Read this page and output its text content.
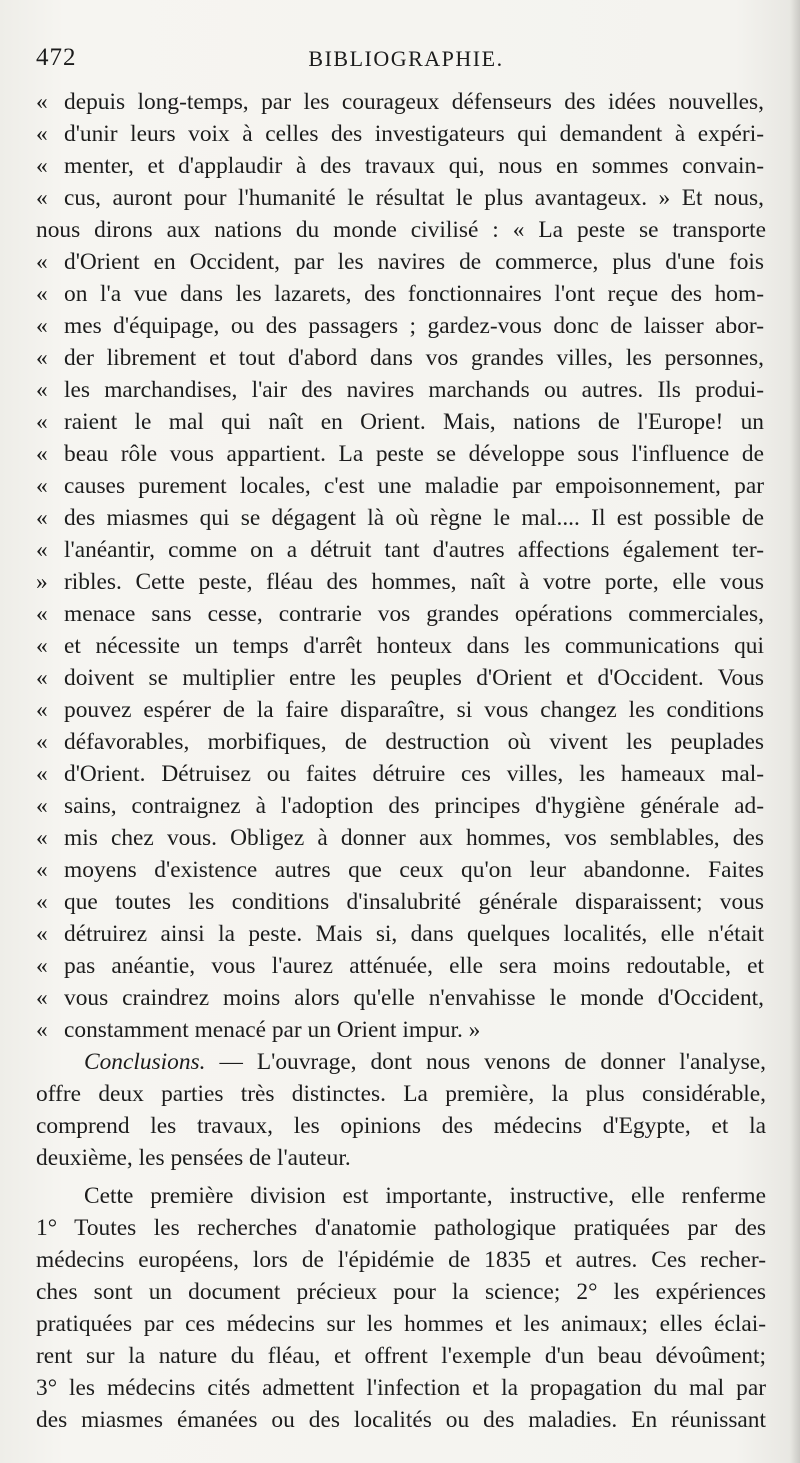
472	BIBLIOGRAPHIE.
« depuis long-temps, par les courageux défenseurs des idées nouvelles,
« d'unir leurs voix à celles des investigateurs qui demandent à expéri-
« menter, et d'applaudir à des travaux qui, nous en sommes convain-
« cus, auront pour l'humanité le résultat le plus avantageux. » Et nous,
nous dirons aux nations du monde civilisé : « La peste se transporte
« d'Orient en Occident, par les navires de commerce, plus d'une fois
« on l'a vue dans les lazarets, des fonctionnaires l'ont reçue des hom-
« mes d'équipage, ou des passagers ; gardez-vous donc de laisser abor-
« der librement et tout d'abord dans vos grandes villes, les personnes,
« les marchandises, l'air des navires marchands ou autres. Ils produi-
« raient le mal qui naît en Orient. Mais, nations de l'Europe! un
« beau rôle vous appartient. La peste se développe sous l'influence de
« causes purement locales, c'est une maladie par empoisonnement, par
« des miasmes qui se dégagent là où règne le mal.... Il est possible de
« l'anéantir, comme on a détruit tant d'autres affections également ter-
» ribles. Cette peste, fléau des hommes, naît à votre porte, elle vous
« menace sans cesse, contrarie vos grandes opérations commerciales,
« et nécessite un temps d'arrêt honteux dans les communications qui
« doivent se multiplier entre les peuples d'Orient et d'Occident. Vous
« pouvez espérer de la faire disparaître, si vous changez les conditions
« défavorables, morbifiques, de destruction où vivent les peuplades
« d'Orient. Détruisez ou faites détruire ces villes, les hameaux mal-
« sains, contraignez à l'adoption des principes d'hygiène générale ad-
« mis chez vous. Obligez à donner aux hommes, vos semblables, des
« moyens d'existence autres que ceux qu'on leur abandonne. Faites
« que toutes les conditions d'insalubrité générale disparaissent; vous
« détruirez ainsi la peste. Mais si, dans quelques localités, elle n'était
« pas anéantie, vous l'aurez atténuée, elle sera moins redoutable, et
« vous craindrez moins alors qu'elle n'envahisse le monde d'Occident,
« constamment menacé par un Orient impur. »
Conclusions. — L'ouvrage, dont nous venons de donner l'analyse,
offre deux parties très distinctes. La première, la plus considérable,
comprend les travaux, les opinions des médecins d'Egypte, et la
deuxième, les pensées de l'auteur.
Cette première division est importante, instructive, elle renferme
1° Toutes les recherches d'anatomie pathologique pratiquées par des
médecins européens, lors de l'épidémie de 1835 et autres. Ces recher-
ches sont un document précieux pour la science; 2° les expériences
pratiquées par ces médecins sur les hommes et les animaux; elles éclai-
rent sur la nature du fléau, et offrent l'exemple d'un beau dévoûment;
3° les médecins cités admettent l'infection et la propagation du mal par
des miasmes émanées ou des localités ou des maladies. En réunissant
